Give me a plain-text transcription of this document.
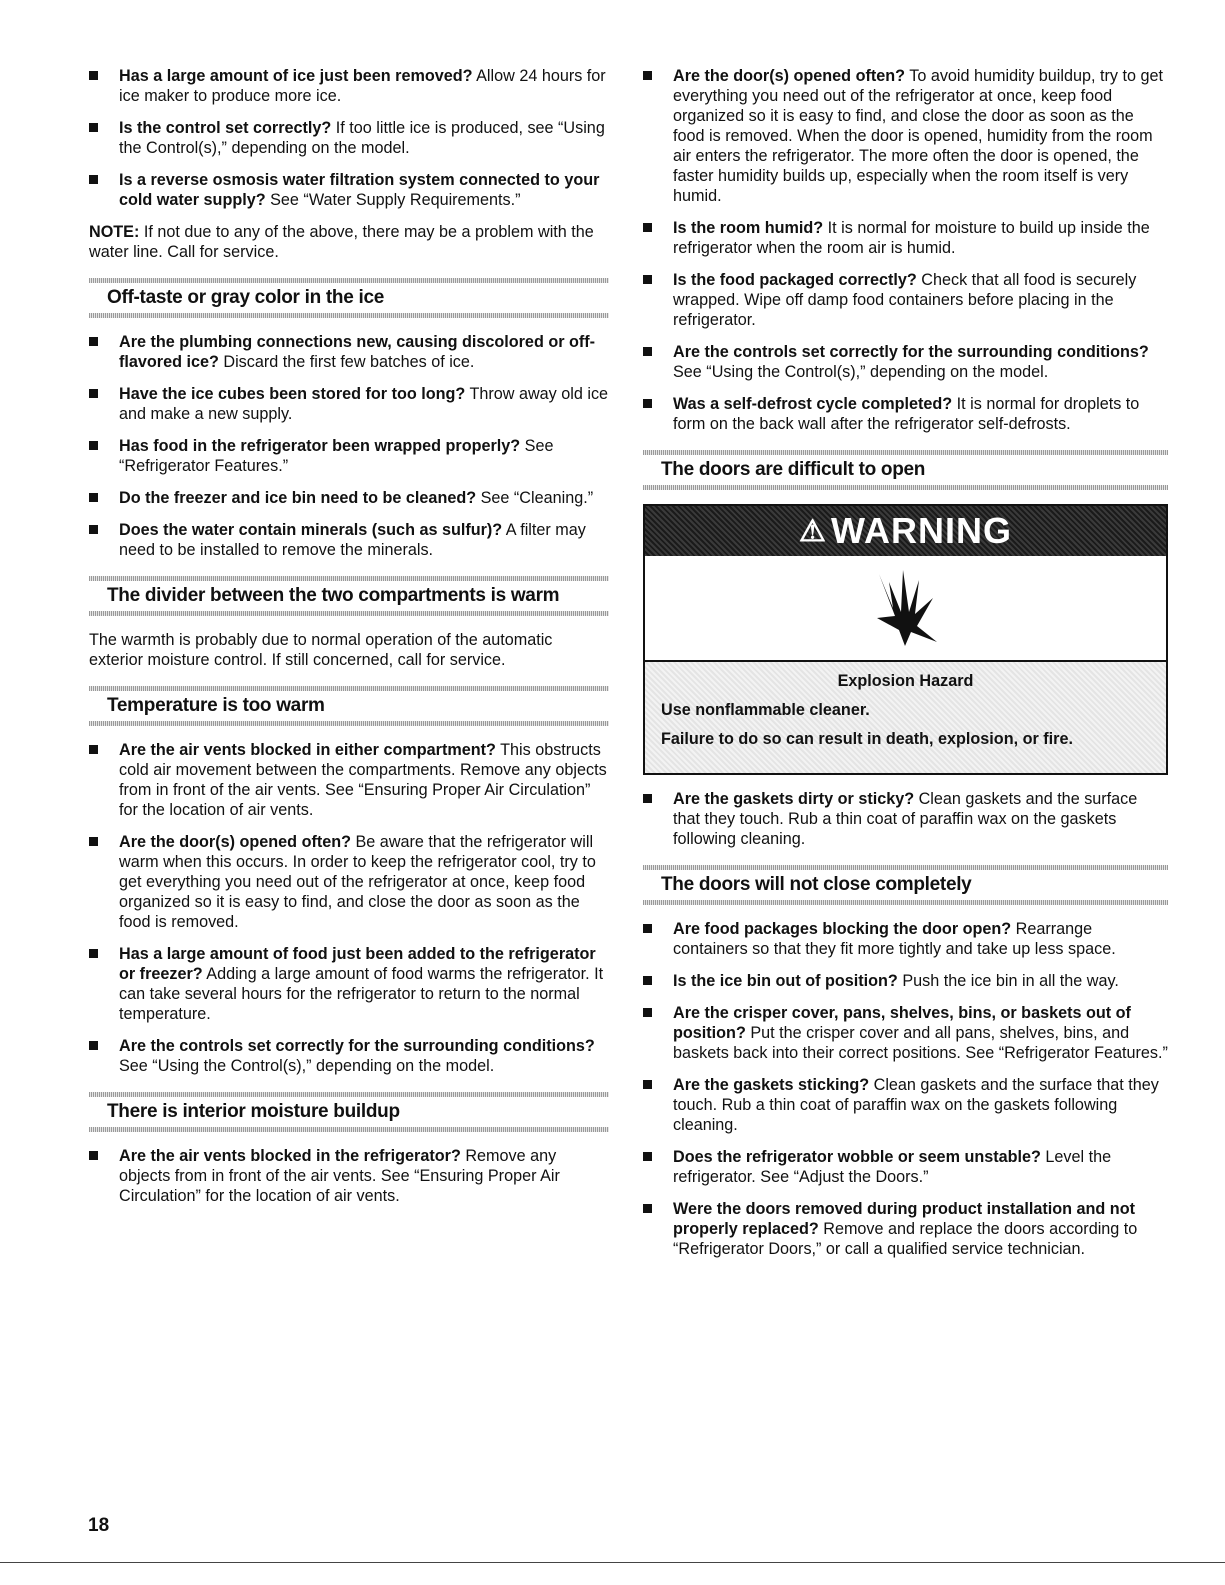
Has a large amount of ice just been removed? Allow 24 hours for ice maker to produce more ice.
Is the control set correctly? If too little ice is produced, see “Using the Control(s),” depending on the model.
Is a reverse osmosis water filtration system connected to your cold water supply? See “Water Supply Requirements.”

NOTE: If not due to any of the above, there may be a problem with the water line. Call for service.

Off-taste or gray color in the ice
Are the plumbing connections new, causing discolored or off-flavored ice? Discard the first few batches of ice.
Have the ice cubes been stored for too long? Throw away old ice and make a new supply.
Has food in the refrigerator been wrapped properly? See “Refrigerator Features.”
Do the freezer and ice bin need to be cleaned? See “Cleaning.”
Does the water contain minerals (such as sulfur)? A filter may need to be installed to remove the minerals.
The divider between the two compartments is warm

The warmth is probably due to normal operation of the automatic exterior moisture control. If still concerned, call for service.

Temperature is too warm
Are the air vents blocked in either compartment? This obstructs cold air movement between the compartments. Remove any objects from in front of the air vents. See “Ensuring Proper Air Circulation” for the location of air vents.
Are the door(s) opened often? Be aware that the refrigerator will warm when this occurs. In order to keep the refrigerator cool, try to get everything you need out of the refrigerator at once, keep food organized so it is easy to find, and close the door as soon as the food is removed.
Has a large amount of food just been added to the refrigerator or freezer? Adding a large amount of food warms the refrigerator. It can take several hours for the refrigerator to return to the normal temperature.
Are the controls set correctly for the surrounding conditions? See “Using the Control(s),” depending on the model.
There is interior moisture buildup
Are the air vents blocked in the refrigerator? Remove any objects from in front of the air vents. See “Ensuring Proper Air Circulation” for the location of air vents.
Are the door(s) opened often? To avoid humidity buildup, try to get everything you need out of the refrigerator at once, keep food organized so it is easy to find, and close the door as soon as the food is removed. When the door is opened, humidity from the room air enters the refrigerator. The more often the door is opened, the faster humidity builds up, especially when the room itself is very humid.
Is the room humid? It is normal for moisture to build up inside the refrigerator when the room air is humid.
Is the food packaged correctly? Check that all food is securely wrapped. Wipe off damp food containers before placing in the refrigerator.
Are the controls set correctly for the surrounding conditions? See “Using the Control(s),” depending on the model.
Was a self-defrost cycle completed? It is normal for droplets to form on the back wall after the refrigerator self-defrosts.
The doors are difficult to open
⚠ WARNING
Explosion Hazard
Use nonflammable cleaner.
Failure to do so can result in death, explosion, or fire.
Are the gaskets dirty or sticky? Clean gaskets and the surface that they touch. Rub a thin coat of paraffin wax on the gaskets following cleaning.
The doors will not close completely
Are food packages blocking the door open? Rearrange containers so that they fit more tightly and take up less space.
Is the ice bin out of position? Push the ice bin in all the way.
Are the crisper cover, pans, shelves, bins, or baskets out of position? Put the crisper cover and all pans, shelves, bins, and baskets back into their correct positions. See “Refrigerator Features.”
Are the gaskets sticking? Clean gaskets and the surface that they touch. Rub a thin coat of paraffin wax on the gaskets following cleaning.
Does the refrigerator wobble or seem unstable? Level the refrigerator. See “Adjust the Doors.”
Were the doors removed during product installation and not properly replaced? Remove and replace the doors according to “Refrigerator Doors,” or call a qualified service technician.
18
